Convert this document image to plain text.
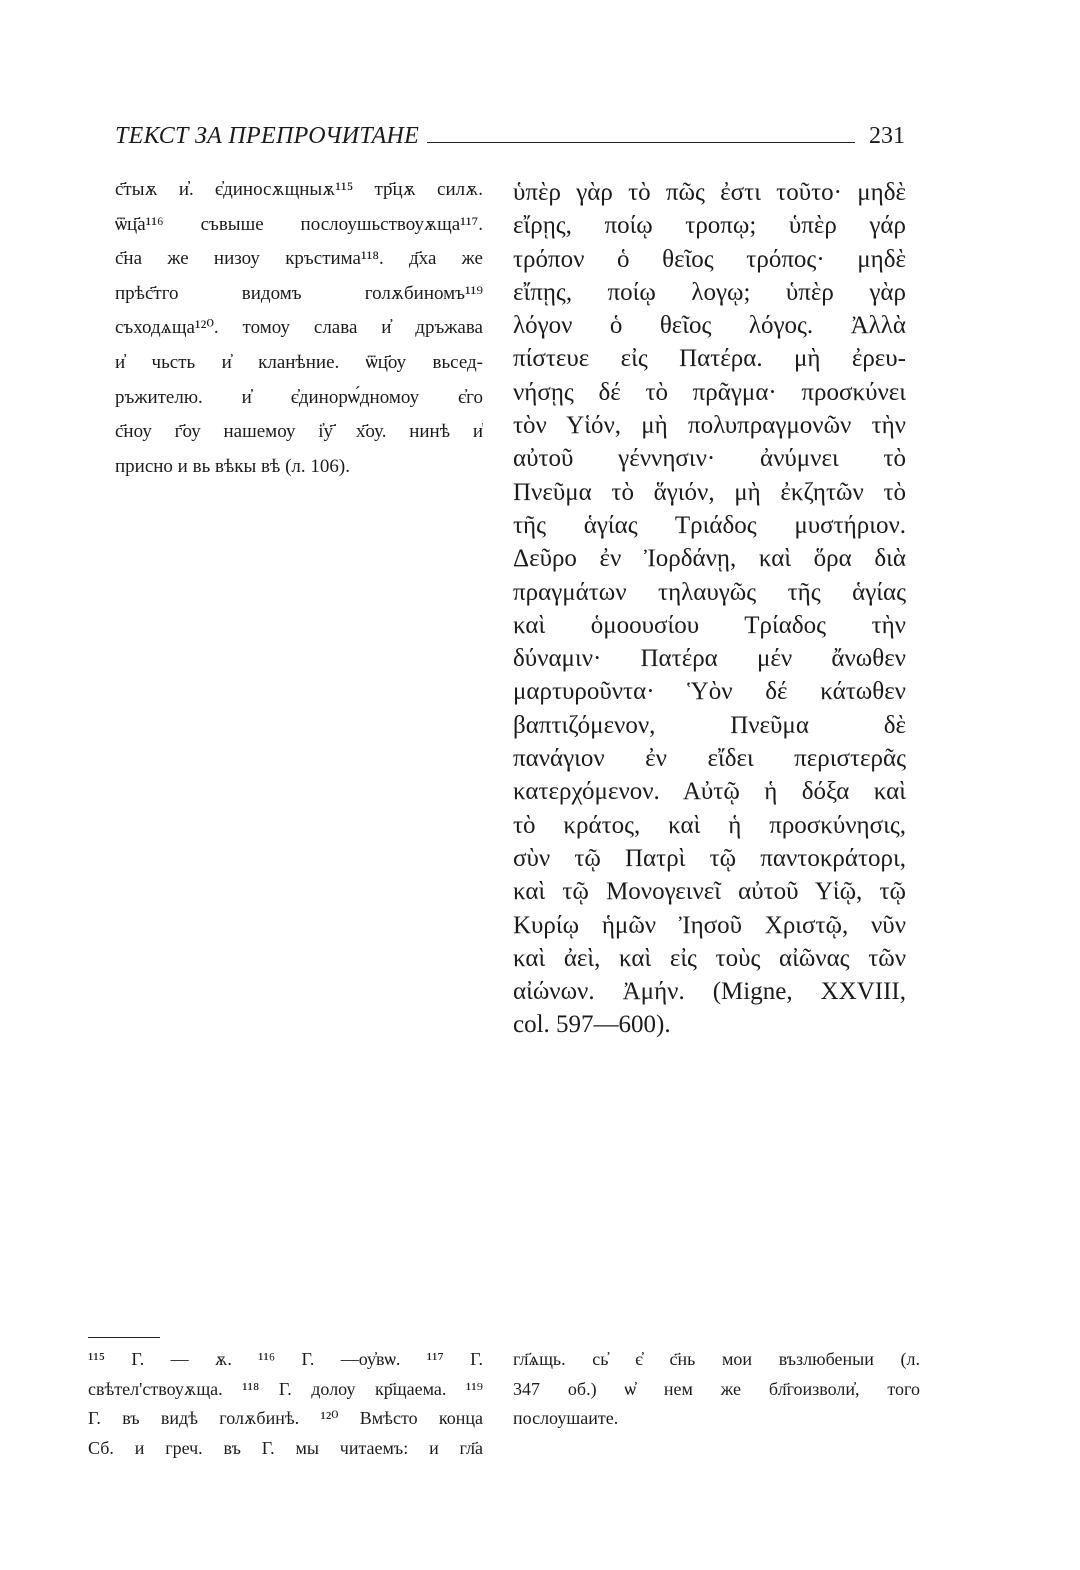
ТЕКСТ ЗА ПРЕПРОЧИТАНЕ	231
с҃тыѫ и҆. є҆диносѫщныѫ¹¹⁵ тр҃цѫ силѫ.
ѿц҃а¹¹⁶ съвыше послоушьствоуѫща¹¹⁷.
с҃на же низоу кръстима¹¹⁸. д҃ха же
прѣс҃тго видомъ голѫбиномъ¹¹⁹
съходѧща¹²⁰. томоу слава и҆ дръжава
и҆ чьсть и҆ кланѣние. ѿц҃оу вьсед-
ръжителю. и҆ є҆динорѡ́дномоу є҆го
с҃ноу г҃оу нашемоу і҆у҃ х҃оу. нинѣ и҆
присно и вь вѣкы вѣ (л. 106).
ὑπὲρ γὰρ τὸ πῶς ἐστι τοῦτο· μηδὲ
εἴρῃς, ποίῳ τροπῳ; ὑπὲρ γάρ
τρόπον ὁ θεῖος τρόπος· μηδὲ
εἴπῃς, ποίῳ λογῳ; ὑπὲρ γὰρ
λόγον ὁ θεῖος λόγος. Ἀλλὰ
πίστευε εἰς Πατέρα. μὴ ἐρευ-
νήσῃς δέ τὸ πρᾶγμα· προσκύνει
τὸν Υἱόν, μὴ πολυπραγμονῶν τὴν
αὐτοῦ γέννησιν· ἀνύμνει τὸ
Πνεῦμα τὸ ἅγιόν, μὴ ἐκζητῶν τὸ
τῆς ἁγίας Τριάδος μυστήριον.
Δεῦρο ἐν Ἰορδάνῃ, καὶ ὅρα διὰ
πραγμάτων τηλαυγῶς τῆς ἁγίας
καὶ ὁμοουσίου Τρίαδος τὴν
δύναμιν· Πατέρα μέν ἄνωθεν
μαρτυροῦντα· Ὑὸν δέ κάτωθεν
βαπτιζόμενον, Πνεῦμα δὲ
πανάγιον ἐν εἴδει περιστερᾶς
κατερχόμενον. Αὐτῷ ἡ δόξα καὶ
τὸ κράτος, καὶ ἡ προσκύνησις,
σὺν τῷ Πατρὶ τῷ παντοκράτορι,
καὶ τῷ Μονογεινεῖ αὐτοῦ Υἱῷ, τῷ
Κυρίῳ ἡμῶν Ἰησοῦ Χριστῷ, νῦν
καὶ ἀεὶ, καὶ εἰς τοὺς αἰῶνας τῶν
αἰώνων. Ἀμήν. (Migne, XXVIII,
col. 597—600).
¹¹⁵ Г. — ѫ. ¹¹⁶ Г. —оу҆вѡ. ¹¹⁷ Г.
свѣтел'ствоуѫща. ¹¹⁸ Г. долоу кр҃щаема. ¹¹⁹
Г. въ видѣ голѫбинѣ. ¹²⁰ Вмѣсто конца
Сб. и греч. въ Г. мы читаемъ: и гл҃а
гл҃ѧщь. сь҆ є҆ с҃нь мои възлюбеныи (л.
347 об.) ѡ҆ нем же бл҃гоизволи҆, того
послоушаите.
